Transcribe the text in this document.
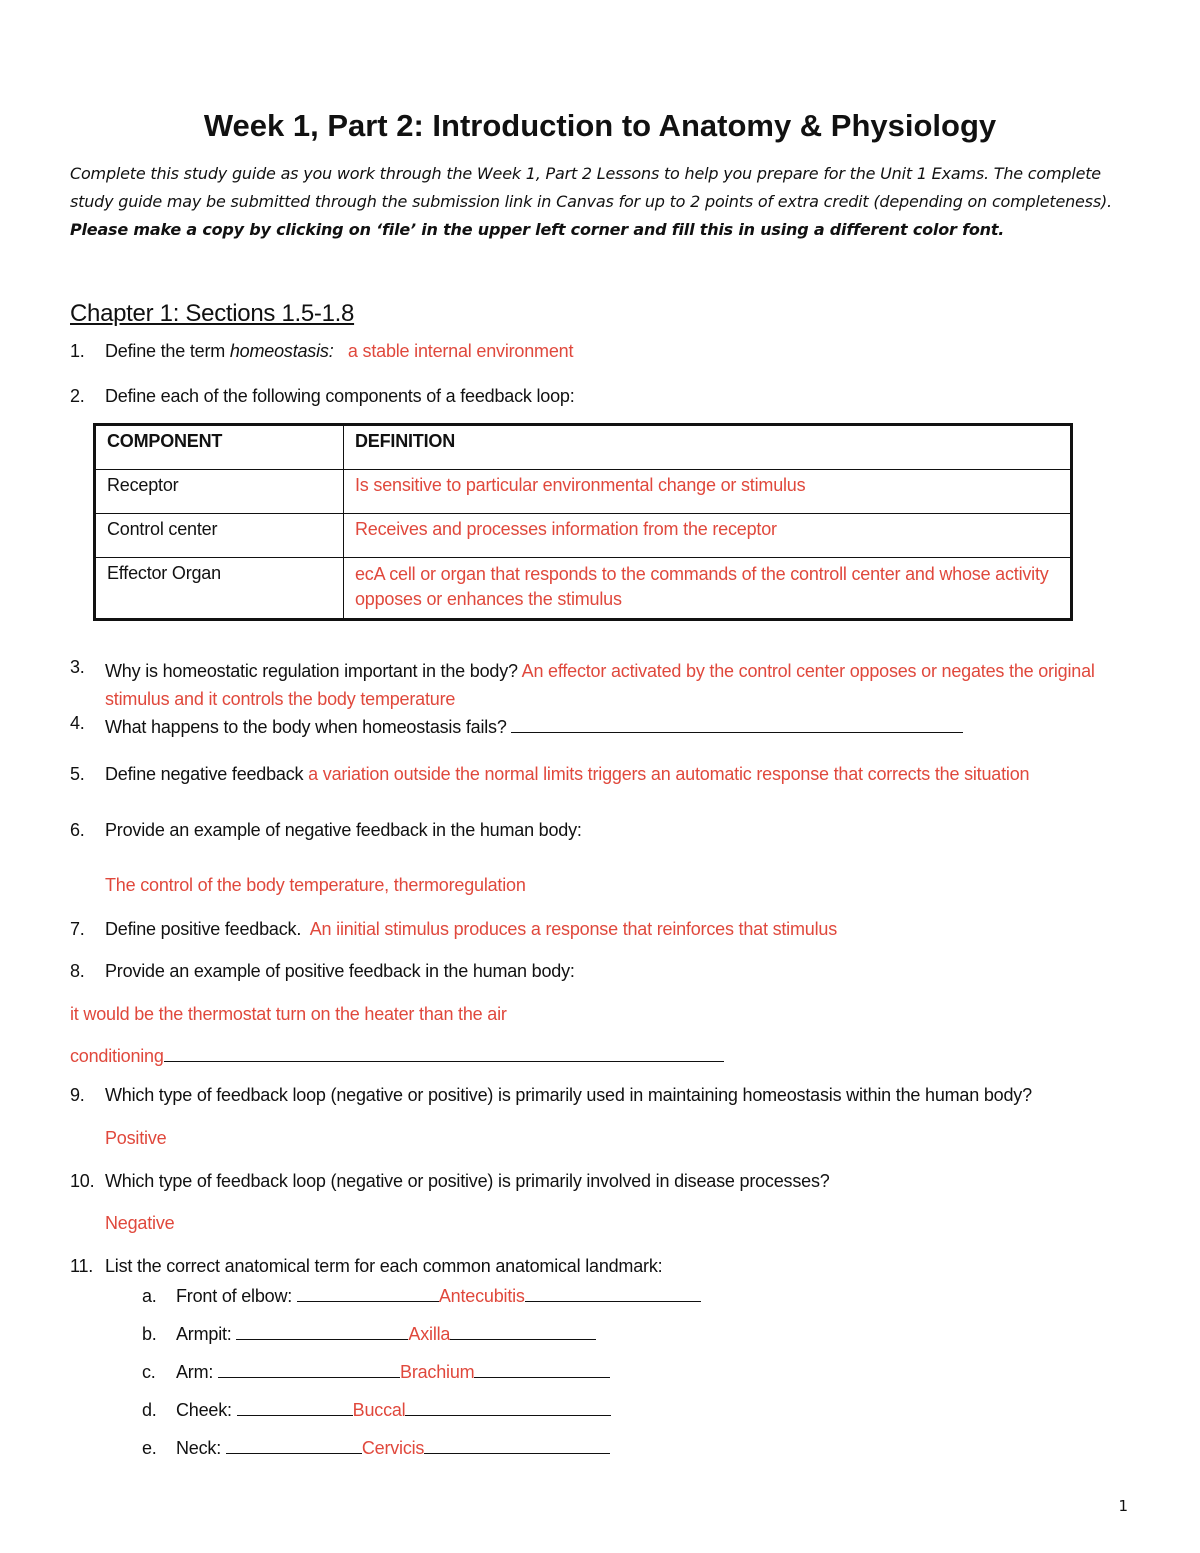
Week 1, Part 2: Introduction to Anatomy & Physiology
Complete this study guide as you work through the Week 1, Part 2 Lessons to help you prepare for the Unit 1 Exams. The complete study guide may be submitted through the submission link in Canvas for up to 2 points of extra credit (depending on completeness). Please make a copy by clicking on ‘file’ in the upper left corner and fill this in using a different color font.
Chapter 1: Sections 1.5-1.8
1.	Define the term homeostasis: a stable internal environment
2.	Define each of the following components of a feedback loop:
COMPONENT	DEFINITION
Receptor	Is sensitive to particular environmental change or stimulus
Control center	Receives and processes information from the receptor
Effector Organ	ecA cell or organ that responds to the commands of the controll center and whose activity opposes or enhances the stimulus
3.	Why is homeostatic regulation important in the body? An effector activated by the control center opposes or negates the original stimulus and it controls the body temperature
4.	What happens to the body when homeostasis fails?
5.	Define negative feedback a variation outside the normal limits triggers an automatic response that corrects the situation
6.	Provide an example of negative feedback in the human body:
The control of the body temperature, thermoregulation
7.	Define positive feedback. An iinitial stimulus produces a response that reinforces that stimulus
8.	Provide an example of positive feedback in the human body:
it would be the thermostat turn on the heater than the air
conditioning
9.	Which type of feedback loop (negative or positive) is primarily used in maintaining homeostasis within the human body?
Positive
10. Which type of feedback loop (negative or positive) is primarily involved in disease processes?
Negative
11. List the correct anatomical term for each common anatomical landmark:
a. Front of elbow:	Antecubitis
b. Armpit:	Axilla
c. Arm:	Brachium
d. Cheek:	Buccal
e. Neck:	Cervicis
1
